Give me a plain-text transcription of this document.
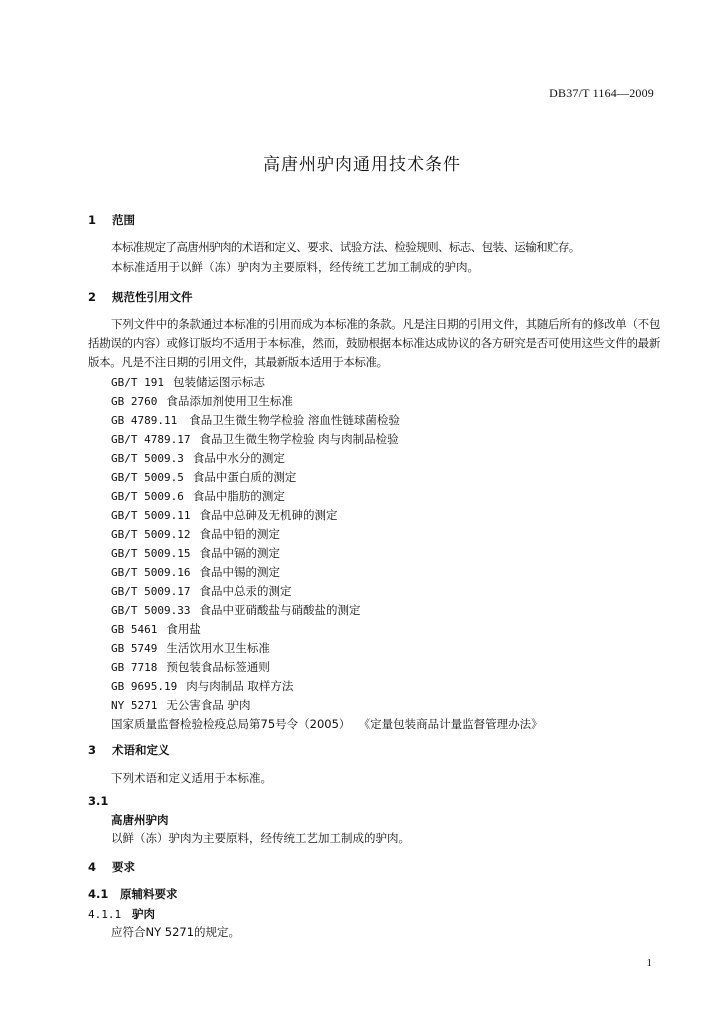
DB37/T 1164—2009
高唐州驴肉通用技术条件
1 范围
本标准规定了高唐州驴肉的术语和定义、要求、试验方法、检验规则、标志、包装、运输和贮存。
本标准适用于以鲜（冻）驴肉为主要原料，经传统工艺加工制成的驴肉。
2 规范性引用文件
下列文件中的条款通过本标准的引用而成为本标准的条款。凡是注日期的引用文件，其随后所有的修改单（不包括勘误的内容）或修订版均不适用于本标准，然而，鼓励根据本标准达成协议的各方研究是否可使用这些文件的最新版本。凡是不注日期的引用文件，其最新版本适用于本标准。
GB/T 191 包装储运图示标志
GB 2760 食品添加剂使用卫生标准
GB 4789.11 食品卫生微生物学检验 溶血性链球菌检验
GB/T 4789.17 食品卫生微生物学检验 肉与肉制品检验
GB/T 5009.3 食品中水分的测定
GB/T 5009.5 食品中蛋白质的测定
GB/T 5009.6 食品中脂肪的测定
GB/T 5009.11 食品中总砷及无机砷的测定
GB/T 5009.12 食品中铅的测定
GB/T 5009.15 食品中镉的测定
GB/T 5009.16 食品中锡的测定
GB/T 5009.17 食品中总汞的测定
GB/T 5009.33 食品中亚硝酸盐与硝酸盐的测定
GB 5461 食用盐
GB 5749 生活饮用水卫生标准
GB 7718 预包装食品标签通则
GB 9695.19 肉与肉制品 取样方法
NY 5271 无公害食品 驴肉
国家质量监督检验检疫总局第75号令（2005） 《定量包装商品计量监督管理办法》
3 术语和定义
下列术语和定义适用于本标准。
3.1
高唐州驴肉
以鲜（冻）驴肉为主要原料，经传统工艺加工制成的驴肉。
4 要求
4.1 原辅料要求
4.1.1 驴肉
应符合NY 5271的规定。
1
